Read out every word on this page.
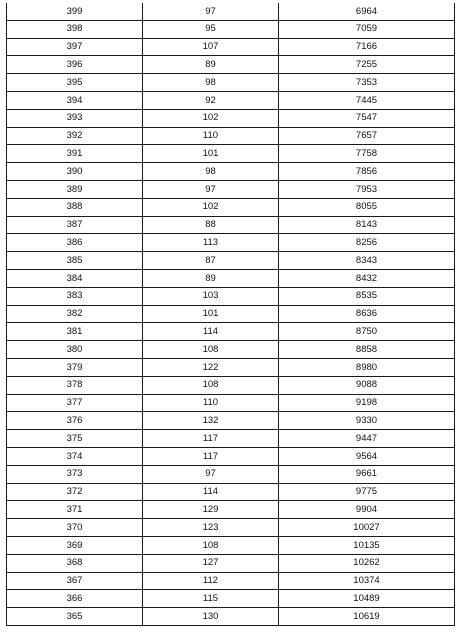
399	97	6964
398	95	7059
397	107	7166
396	89	7255
395	98	7353
394	92	7445
393	102	7547
392	110	7657
391	101	7758
390	98	7856
389	97	7953
388	102	8055
387	88	8143
386	113	8256
385	87	8343
384	89	8432
383	103	8535
382	101	8636
381	114	8750
380	108	8858
379	122	8980
378	108	9088
377	110	9198
376	132	9330
375	117	9447
374	117	9564
373	97	9661
372	114	9775
371	129	9904
370	123	10027
369	108	10135
368	127	10262
367	112	10374
366	115	10489
365	130	10619
